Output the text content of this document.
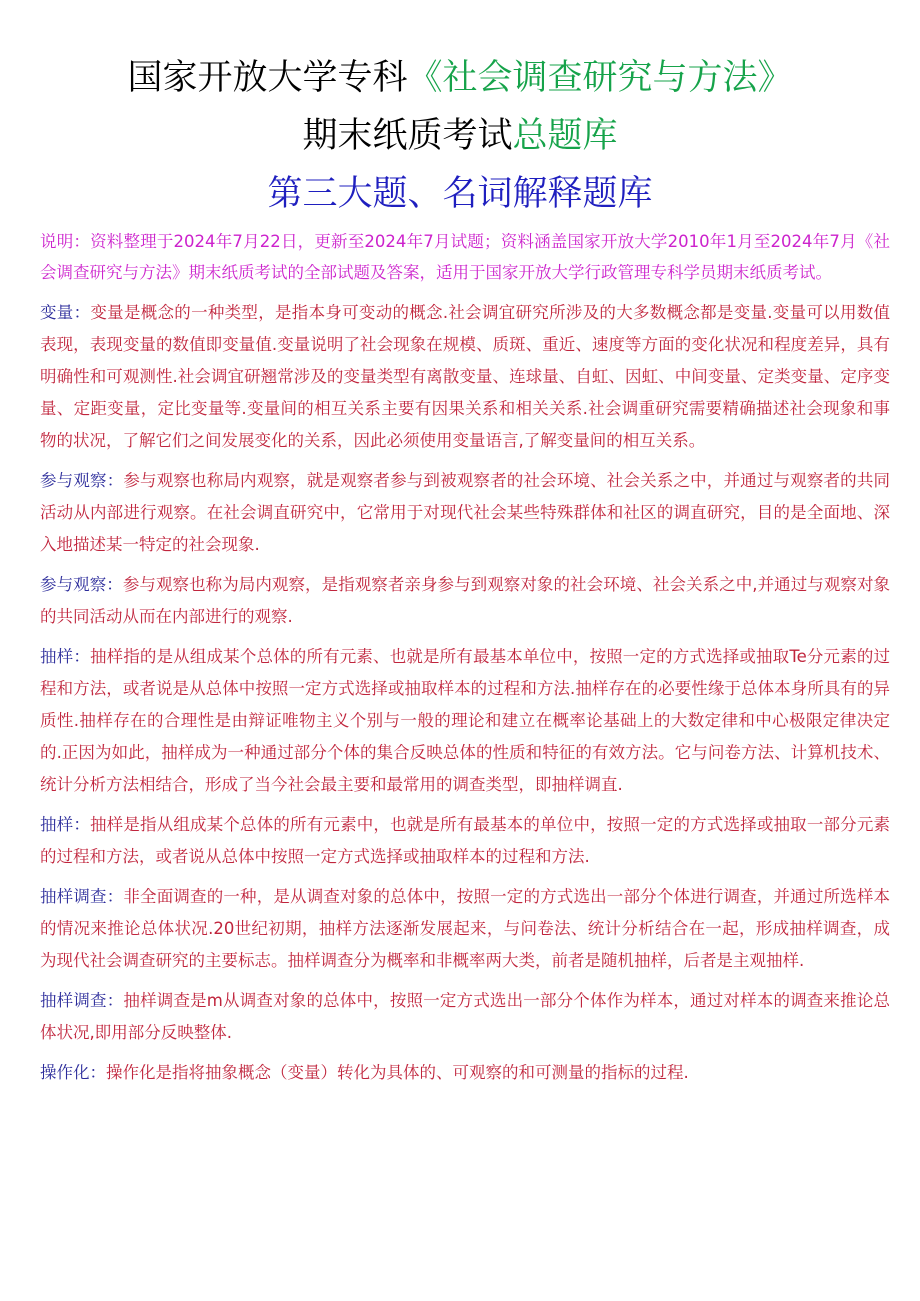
国家开放大学专科《社会调查研究与方法》
期末纸质考试总题库
第三大题、名词解释题库

说明：资料整理于2024年7月22日，更新至2024年7月试题；资料涵盖国家开放大学2010年1月至2024年7月《社会调查研究与方法》期末纸质考试的全部试题及答案，适用于国家开放大学行政管理专科学员期末纸质考试。

变量：变量是概念的一种类型，是指本身可变动的概念.社会调宜研究所涉及的大多数概念都是变量.变量可以用数值表现，表现变量的数值即变量值.变量说明了社会现象在规模、质斑、重近、速度等方面的变化状况和程度差异，具有明确性和可观测性.社会调宜研翘常涉及的变量类型有离散变量、连球量、自虹、因虹、中间变量、定类变量、定序变量、定距变量，定比变量等.变量间的相互关系主要有因果关系和相关关系.社会调重研究需要精确描述社会现象和事物的状况，了解它们之间发展变化的关系，因此必须使用变量语言,了解变量间的相互关系。

参与观察：参与观察也称局内观察，就是观察者参与到被观察者的社会环境、社会关系之中，并通过与观察者的共同活动从内部进行观察。在社会调直研究中，它常用于对现代社会某些特殊群体和社区的调直研究，目的是全面地、深入地描述某一特定的社会现象.

参与观察：参与观察也称为局内观察，是指观察者亲身参与到观察对象的社会环境、社会关系之中,并通过与观察对象的共同活动从而在内部进行的观察.

抽样：抽样指的是从组成某个总体的所有元素、也就是所有最基本单位中，按照一定的方式选择或抽取Te分元素的过程和方法，或者说是从总体中按照一定方式选择或抽取样本的过程和方法.抽样存在的必要性缘于总体本身所具有的异质性.抽样存在的合理性是由辩证唯物主义个别与一般的理论和建立在概率论基础上的大数定律和中心极限定律决定的.正因为如此，抽样成为一种通过部分个体的集合反映总体的性质和特征的有效方法。它与问卷方法、计算机技术、统计分析方法相结合，形成了当今社会最主要和最常用的调查类型，即抽样调直.

抽样：抽样是指从组成某个总体的所有元素中，也就是所有最基本的单位中，按照一定的方式选择或抽取一部分元素的过程和方法，或者说从总体中按照一定方式选择或抽取样本的过程和方法.

抽样调查：非全面调查的一种，是从调查对象的总体中，按照一定的方式选出一部分个体进行调查，并通过所选样本的情况来推论总体状况.20世纪初期，抽样方法逐渐发展起来，与问卷法、统计分析结合在一起，形成抽样调查，成为现代社会调查研究的主要标志。抽样调查分为概率和非概率两大类，前者是随机抽样，后者是主观抽样.

抽样调查：抽样调查是m从调查对象的总体中，按照一定方式选出一部分个体作为样本，通过对样本的调查来推论总体状况,即用部分反映整体.

操作化：操作化是指将抽象概念（变量）转化为具体的、可观察的和可测量的指标的过程.
